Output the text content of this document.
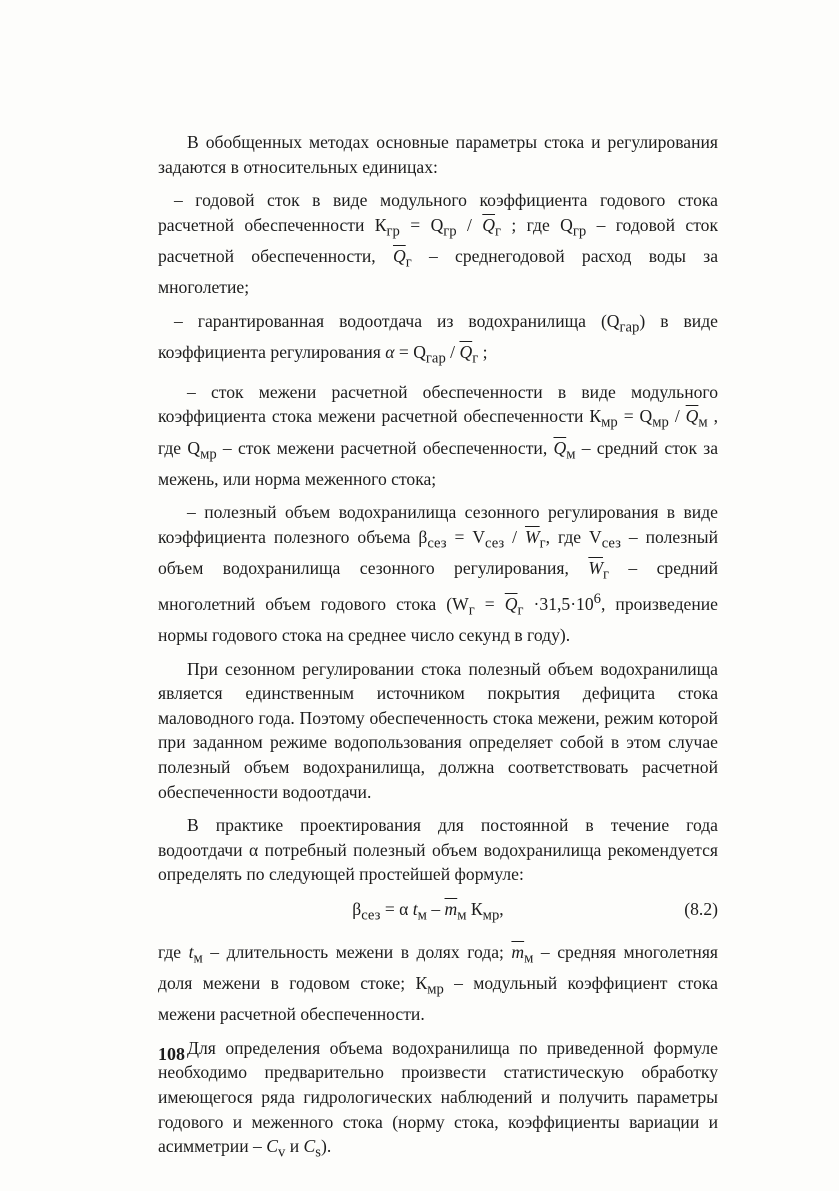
В обобщенных методах основные параметры стока и регулирования задаются в относительных единицах:

– годовой сток в виде модульного коэффициента годового стока расчетной обеспеченности $К_{гр} = Q_{гр} / \overline{Q}_г$ ; где $Q_{гр}$ – годовой сток расчетной обеспеченности, $\overline{Q}_г$ – среднегодовой расход воды за многолетие;

– гарантированная водоотдача из водохранилища $(Q_{гар})$ в виде коэффициента регулирования $\alpha = Q_{гар} / \overline{Q}_г$ ;

– сток межени расчетной обеспеченности в виде модульного коэффициента стока межени расчетной обеспеченности $К_{мр} = Q_{мр} / \overline{Q}_м$ , где $Q_{мр}$ – сток межени расчетной обеспеченности, $\overline{Q}_м$ – средний сток за межень, или норма меженного стока;

– полезный объем водохранилища сезонного регулирования в виде коэффициента полезного объема $\beta_{сез} = V_{сез} / \overline{W}_г$, где $V_{сез}$ – полезный объем водохранилища сезонного регулирования, $\overline{W}_г$ – средний многолетний объем годового стока ($W_г = \overline{Q}_г \cdot 31,5\cdot 10^6$, произведение нормы годового стока на среднее число секунд в году).

При сезонном регулировании стока полезный объем водохранилища является единственным источником покрытия дефицита стока маловодного года. Поэтому обеспеченность стока межени, режим которой при заданном режиме водопользования определяет собой в этом случае полезный объем водохранилища, должна соответствовать расчетной обеспеченности водоотдачи.

В практике проектирования для постоянной в течение года водоотдачи α потребный полезный объем водохранилища рекомендуется определять по следующей простейшей формуле:

$\beta_{сез} = \alpha$ $t_м - \overline{m}_м$ $К_{мр}$,	(8.2)

где $t_м$ – длительность межени в долях года; $\overline{m}_м$ – средняя многолетняя доля межени в годовом стоке; $К_{мр}$ – модульный коэффициент стока межени расчетной обеспеченности.

Для определения объема водохранилища по приведенной формуле необходимо предварительно произвести статистическую обработку имеющегося ряда гидрологических наблюдений и получить параметры годового и меженного стока (норму стока, коэффициенты вариации и асимметрии – $C_v$ и $C_s$).

108
